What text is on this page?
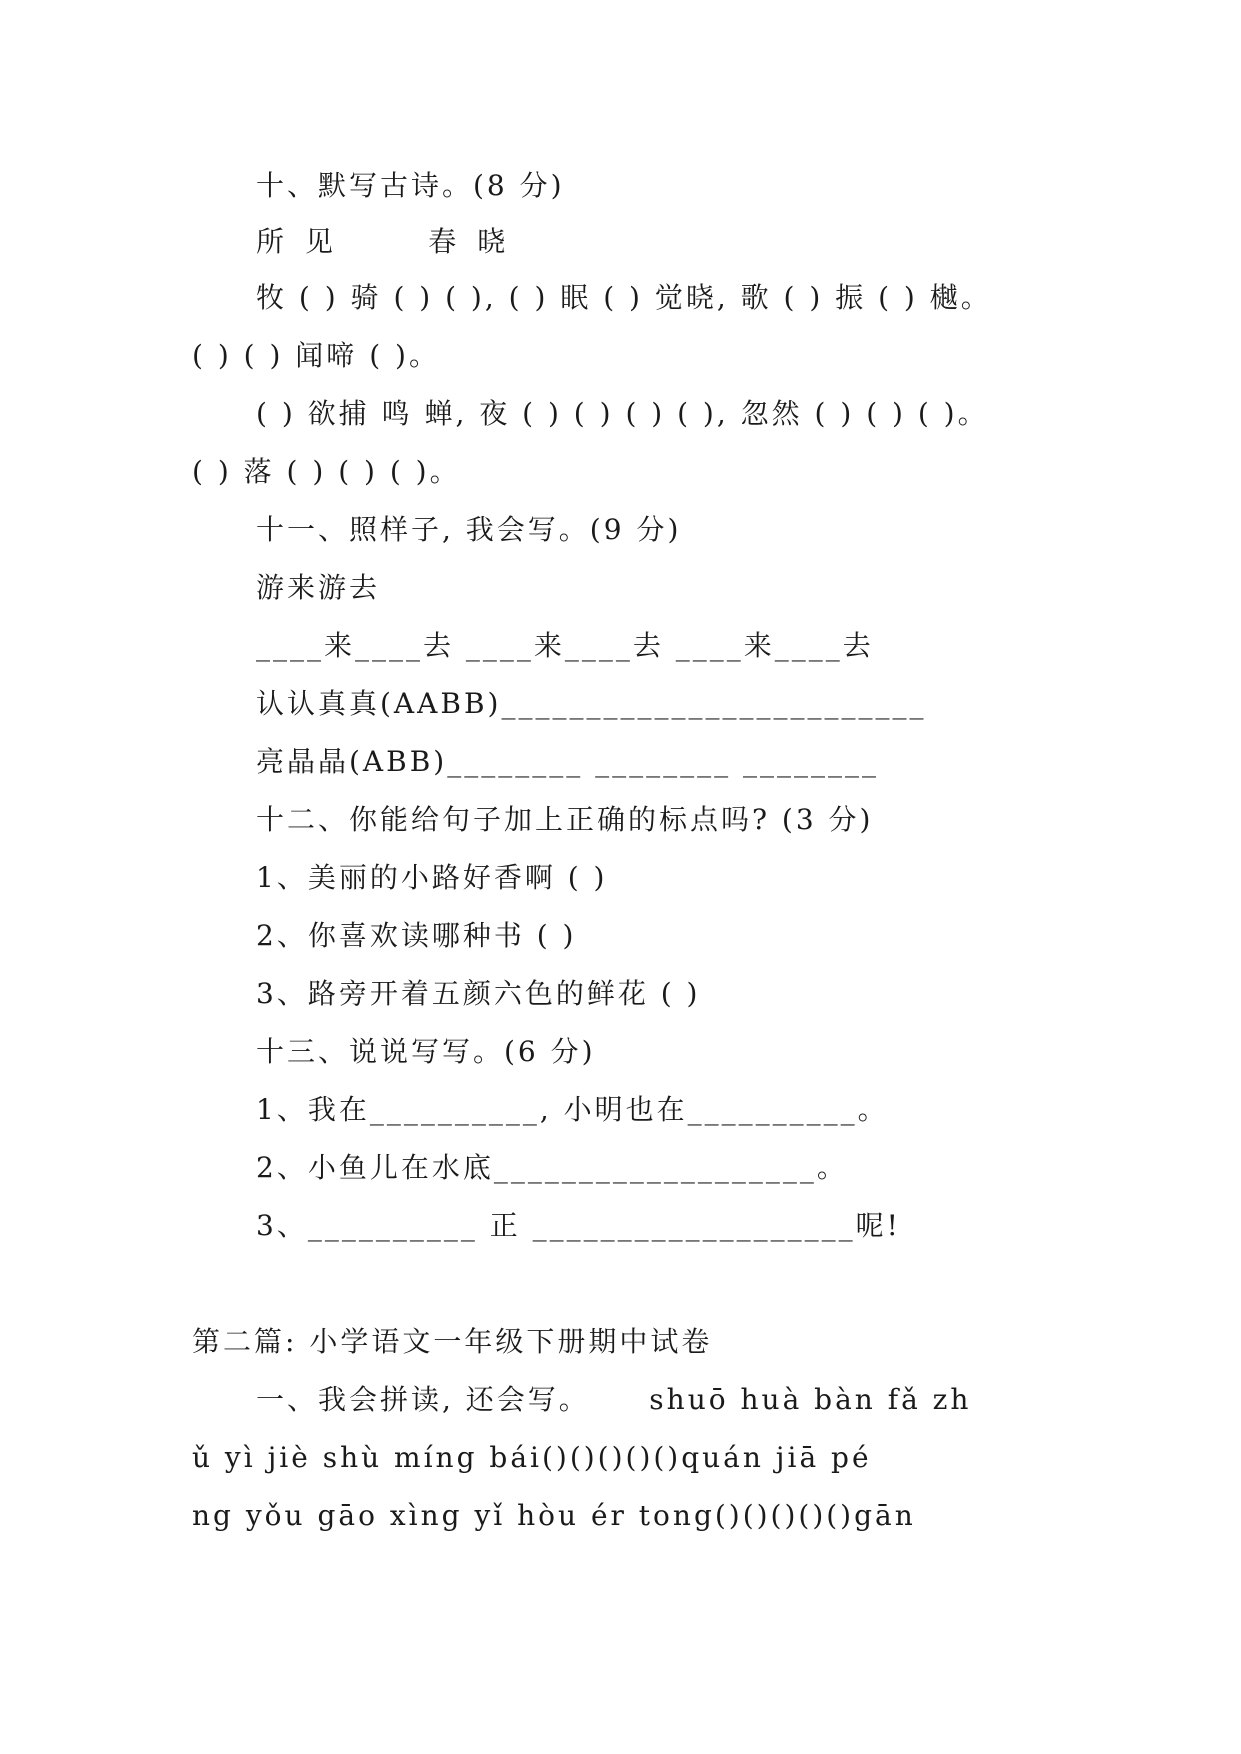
十、默写古诗。(8 分)
所 见      春 晓
牧 ( ) 骑 ( ) ( ), ( ) 眠 ( ) 觉晓, 歌 ( ) 振 ( ) 樾。
( ) ( ) 闻啼 ( )。
( ) 欲捕 鸣 蝉, 夜 ( ) ( ) ( ) ( ), 忽然 ( ) ( ) ( )。
( ) 落 ( ) ( ) ( )。
十一、照样子, 我会写。(9 分)
游来游去
____来____去 ____来____去 ____来____去
认认真真(AABB)_________________________
亮晶晶(ABB)________ ________ ________
十二、你能给句子加上正确的标点吗? (3 分)
1、美丽的小路好香啊 ( )
2、你喜欢读哪种书 ( )
3、路旁开着五颜六色的鲜花 ( )
十三、说说写写。(6 分)
1、我在__________, 小明也在__________。
2、小鱼儿在水底___________________。
3、__________ 正 ___________________呢!
第二篇: 小学语文一年级下册期中试卷
一、我会拼读, 还会写。     shuō huà bàn fǎ zh
ǔ yì jiè shù míng bái()()()()()quán jiā pé
ng yǒu gāo xìng yǐ hòu ér tong()()()()()gān
